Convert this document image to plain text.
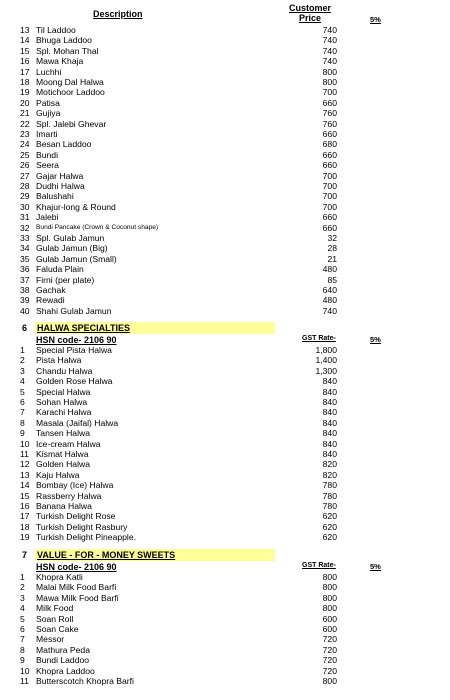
Description
Customer
Price	5%
13 Til Laddoo	740
14 Bhuga Laddoo	740
15 Spl. Mohan Thal	740
16 Mawa Khaja	740
17 Luchhi	800
18 Moong Dal Halwa	800
19 Motichoor Laddoo	700
20 Patisa	660
21 Gujiya	760
22 Spl. Jalebi Ghevar	760
23 Imarti	660
24 Besan Laddoo	680
25 Bundi	660
26 Seera	660
27 Gajar Halwa	700
28 Dudhi Halwa	700
29 Balushahi	700
30 Khajur-long & Round	700
31 Jalebi	660
32 Bundi Pancake (Crown & Coconut shape)	660
33 Spl. Gulab Jamun	32
34 Gulab Jamun (Big)	28
35 Gulab Jamun (Small)	21
36 Faluda Plain	480
37 Firni (per plate)	85
38 Gachak	640
39 Rewadi	480
40 Shahi Gulab Jamun	740
6 HALWA SPECIALTIES
HSN code- 2106 90	GST Rate-	5%
1	Special Pista Halwa	1,800
2	Pista Halwa	1,400
3	Chandu Halwa	1,300
4	Golden Rose Halwa	840
5	Special Halwa	840
6	Sohan Halwa	840
7	Karachi Halwa	840
8	Masala (Jaifal) Halwa	840
9	Tansen Halwa	840
10 Ice-cream Halwa	840
11 Kismat Halwa	840
12 Golden Halwa	820
13 Kaju Halwa	820
14 Bombay (Ice) Halwa	780
15 Rassberry Halwa	780
16 Banana Halwa	780
17 Turkish Delight Rose	620
18 Turkish Delight Rasbury	620
19 Turkish Delight Pineapple.	620
7 VALUE - FOR - MONEY SWEETS
HSN code- 2106 90	GST Rate-	5%
1	Khopra Katli	800
2	Malai Milk Food Barfi	800
3	Mawa Milk Food Barfi	800
4	Milk Food	800
5	Soan Roll	600
6	Soan Cake	600
7	Messor	720
8	Mathura Peda	720
9	Bundi Laddoo	720
10 Khopra Laddoo	720
11 Butterscotch Khopra Barfi	800
